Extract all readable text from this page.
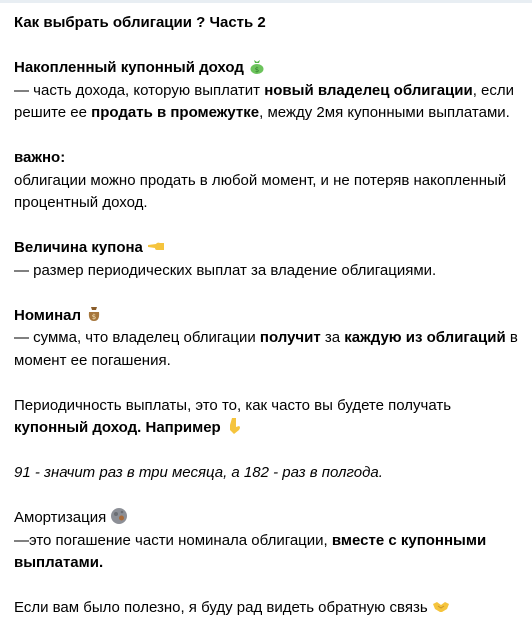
Как выбрать облигации ? Часть 2

Накопленный купонный доход $

— часть дохода, которую выплатит новый владелец облигации, если решите ее продать в промежутке, между 2мя купонными выплатами.

важно:
облигации можно продать в любой момент, и не потеряв накопленный процентный доход.

Величина купона

— размер периодических выплат за владение облигациями.

Номинал $

— сумма, что владелец облигации получит за каждую из облигаций в момент ее погашения.

Периодичность выплаты, это то, как часто вы будете получать купонный доход. Например

91 - значит раз в три месяца, а 182 - раз в полгода.

Амортизация

—это погашение части номинала облигации, вместе с купонными выплатами.

Если вам было полезно, я буду рад видеть обратную связь
